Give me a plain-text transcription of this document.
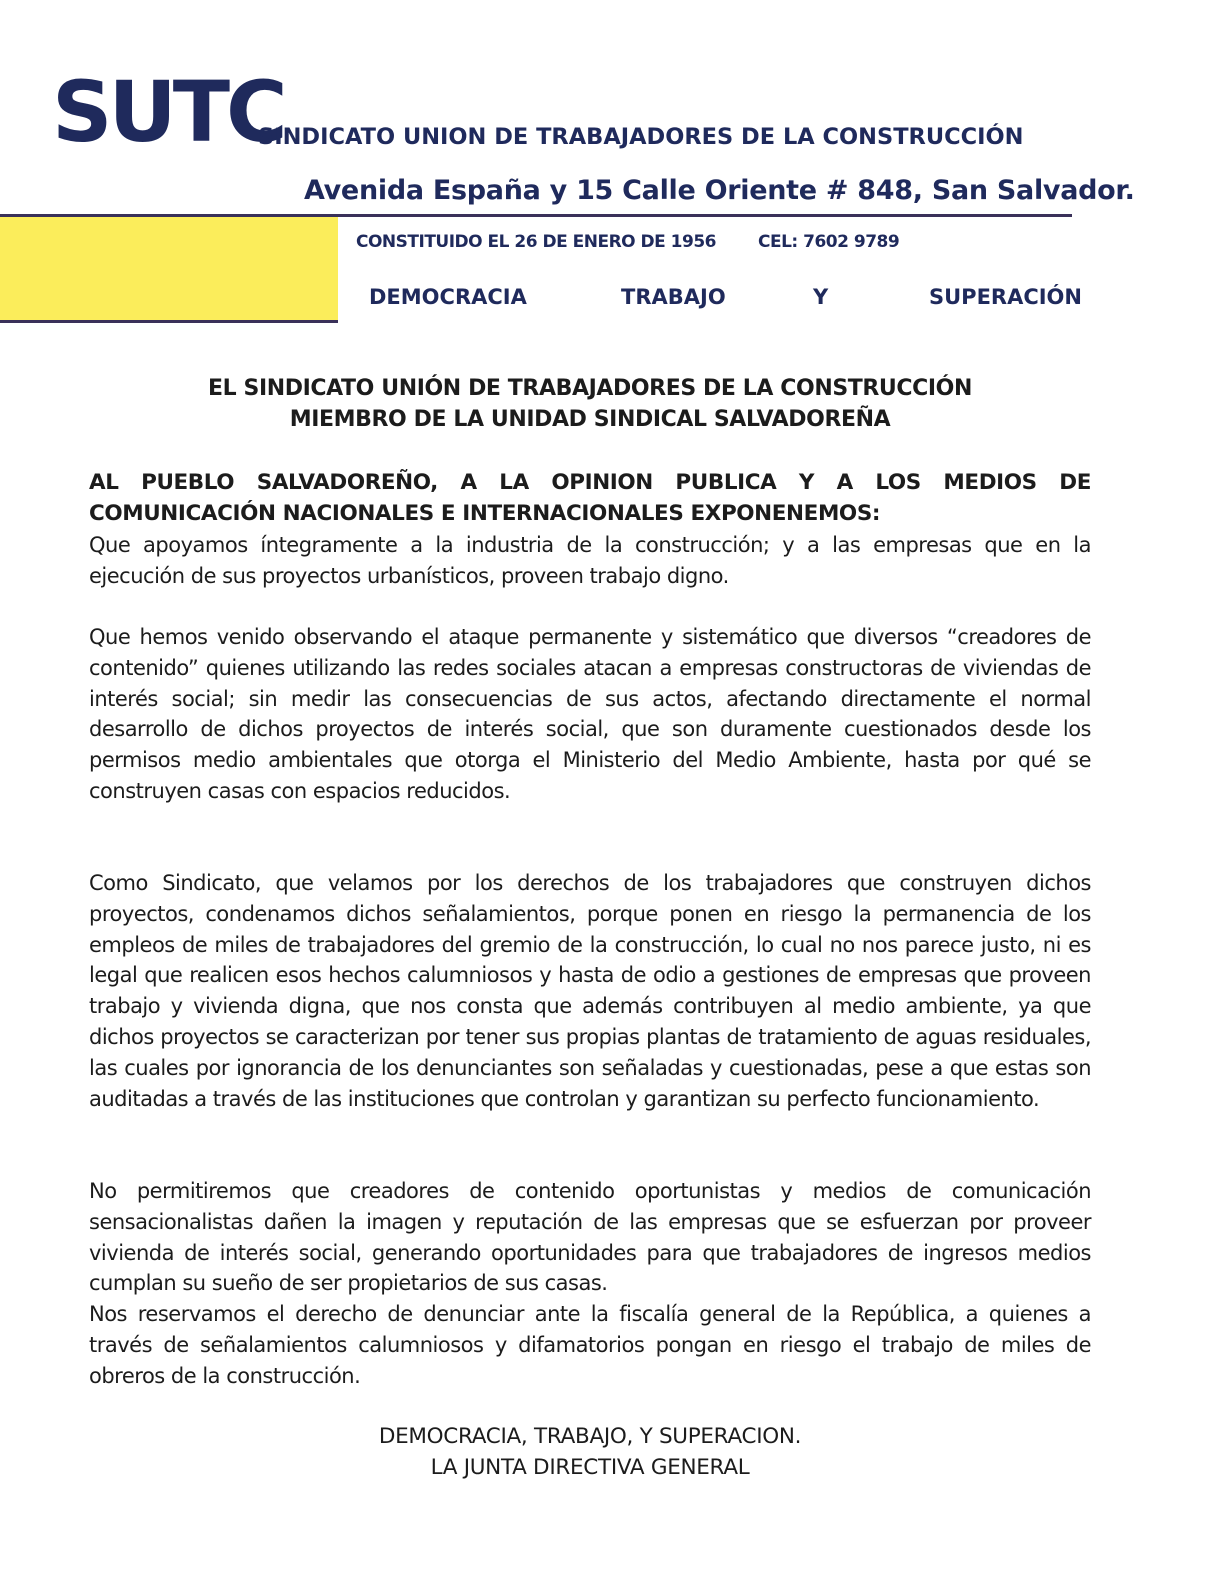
SUTC
SINDICATO UNION DE TRABAJADORES DE LA CONSTRUCCIÓN
Avenida España y 15 Calle Oriente # 848, San Salvador.
CONSTITUIDO EL 26 DE ENERO DE 1956 CEL: 7602 9789
DEMOCRACIA	TRABAJO	Y	SUPERACIÓN
EL SINDICATO UNIÓN DE TRABAJADORES DE LA CONSTRUCCIÓN
MIEMBRO DE LA UNIDAD SINDICAL SALVADOREÑA

AL PUEBLO SALVADOREÑO, A LA OPINION PUBLICA Y A LOS MEDIOS DE COMUNICACIÓN NACIONALES E INTERNACIONALES EXPONENEMOS:

Que apoyamos íntegramente a la industria de la construcción; y a las empresas que en la ejecución de sus proyectos urbanísticos, proveen trabajo digno.

Que hemos venido observando el ataque permanente y sistemático que diversos “creadores de contenido” quienes utilizando las redes sociales atacan a empresas constructoras de viviendas de interés social; sin medir las consecuencias de sus actos, afectando directamente el normal desarrollo de dichos proyectos de interés social, que son duramente cuestionados desde los permisos medio ambientales que otorga el Ministerio del Medio Ambiente, hasta por qué se construyen casas con espacios reducidos.

Como Sindicato, que velamos por los derechos de los trabajadores que construyen dichos proyectos, condenamos dichos señalamientos, porque ponen en riesgo la permanencia de los empleos de miles de trabajadores del gremio de la construcción, lo cual no nos parece justo, ni es legal que realicen esos hechos calumniosos y hasta de odio a gestiones de empresas que proveen trabajo y vivienda digna, que nos consta que además contribuyen al medio ambiente, ya que dichos proyectos se caracterizan por tener sus propias plantas de tratamiento de aguas residuales, las cuales por ignorancia de los denunciantes son señaladas y cuestionadas, pese a que estas son auditadas a través de las instituciones que controlan y garantizan su perfecto funcionamiento.

No permitiremos que creadores de contenido oportunistas y medios de comunicación sensacionalistas dañen la imagen y reputación de las empresas que se esfuerzan por proveer vivienda de interés social, generando oportunidades para que trabajadores de ingresos medios cumplan su sueño de ser propietarios de sus casas.

Nos reservamos el derecho de denunciar ante la fiscalía general de la República, a quienes a través de señalamientos calumniosos y difamatorios pongan en riesgo el trabajo de miles de obreros de la construcción.

DEMOCRACIA, TRABAJO, Y SUPERACION.
LA JUNTA DIRECTIVA GENERAL
